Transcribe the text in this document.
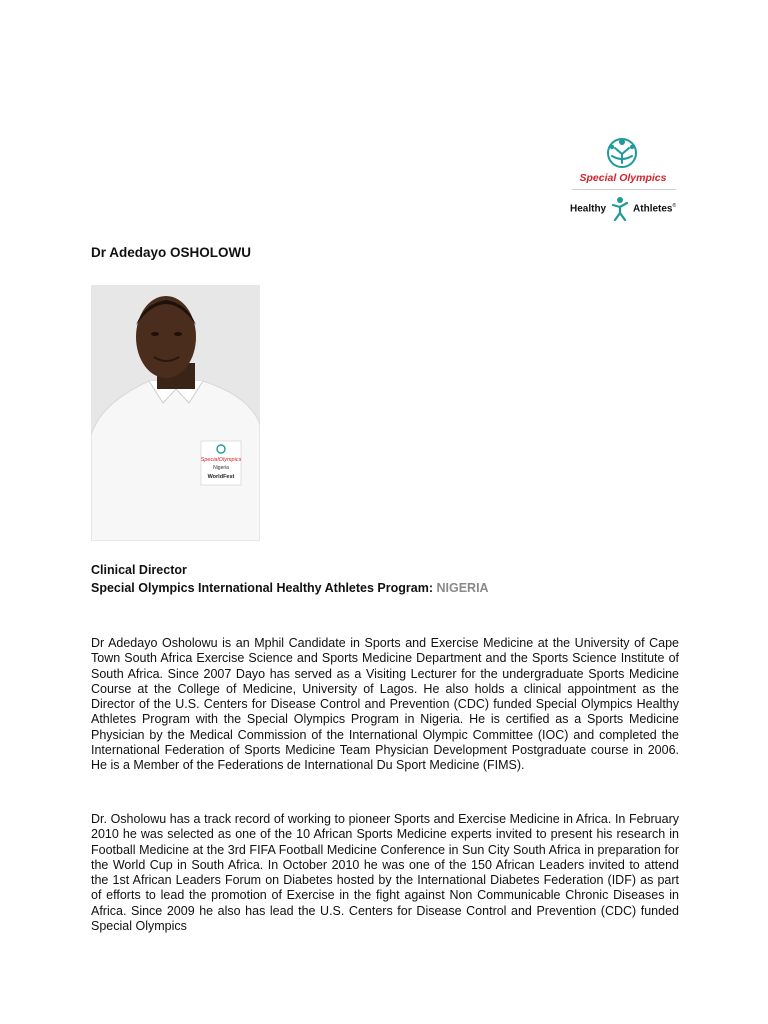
Special Olympics
Healthy	Athletes®
Dr Adedayo OSHOLOWU
SpecialOlympics
Nigeria
WorldFest
Clinical Director
Special Olympics International Healthy Athletes Program: NIGERIA

Dr Adedayo Osholowu is an Mphil Candidate in Sports and Exercise Medicine at the University of Cape Town South Africa Exercise Science and Sports Medicine Department and the Sports Science Institute of South Africa. Since 2007 Dayo has served as a Visiting Lecturer for the undergraduate Sports Medicine Course at the College of Medicine, University of Lagos. He also holds a clinical appointment as the Director of the U.S. Centers for Disease Control and Prevention (CDC) funded Special Olympics Healthy Athletes Program with the Special Olympics Program in Nigeria. He is certified as a Sports Medicine Physician by the Medical Commission of the International Olympic Committee (IOC) and completed the International Federation of Sports Medicine Team Physician Development Postgraduate course in 2006. He is a Member of the Federations de International Du Sport Medicine (FIMS).

Dr. Osholowu has a track record of working to pioneer Sports and Exercise Medicine in Africa. In February 2010 he was selected as one of the 10 African Sports Medicine experts invited to present his research in Football Medicine at the 3rd FIFA Football Medicine Conference in Sun City South Africa in preparation for the World Cup in South Africa. In October 2010 he was one of the 150 African Leaders invited to attend the 1st African Leaders Forum on Diabetes hosted by the International Diabetes Federation (IDF) as part of efforts to lead the promotion of Exercise in the fight against Non Communicable Chronic Diseases in Africa. Since 2009 he also has lead the U.S. Centers for Disease Control and Prevention (CDC) funded Special Olympics
